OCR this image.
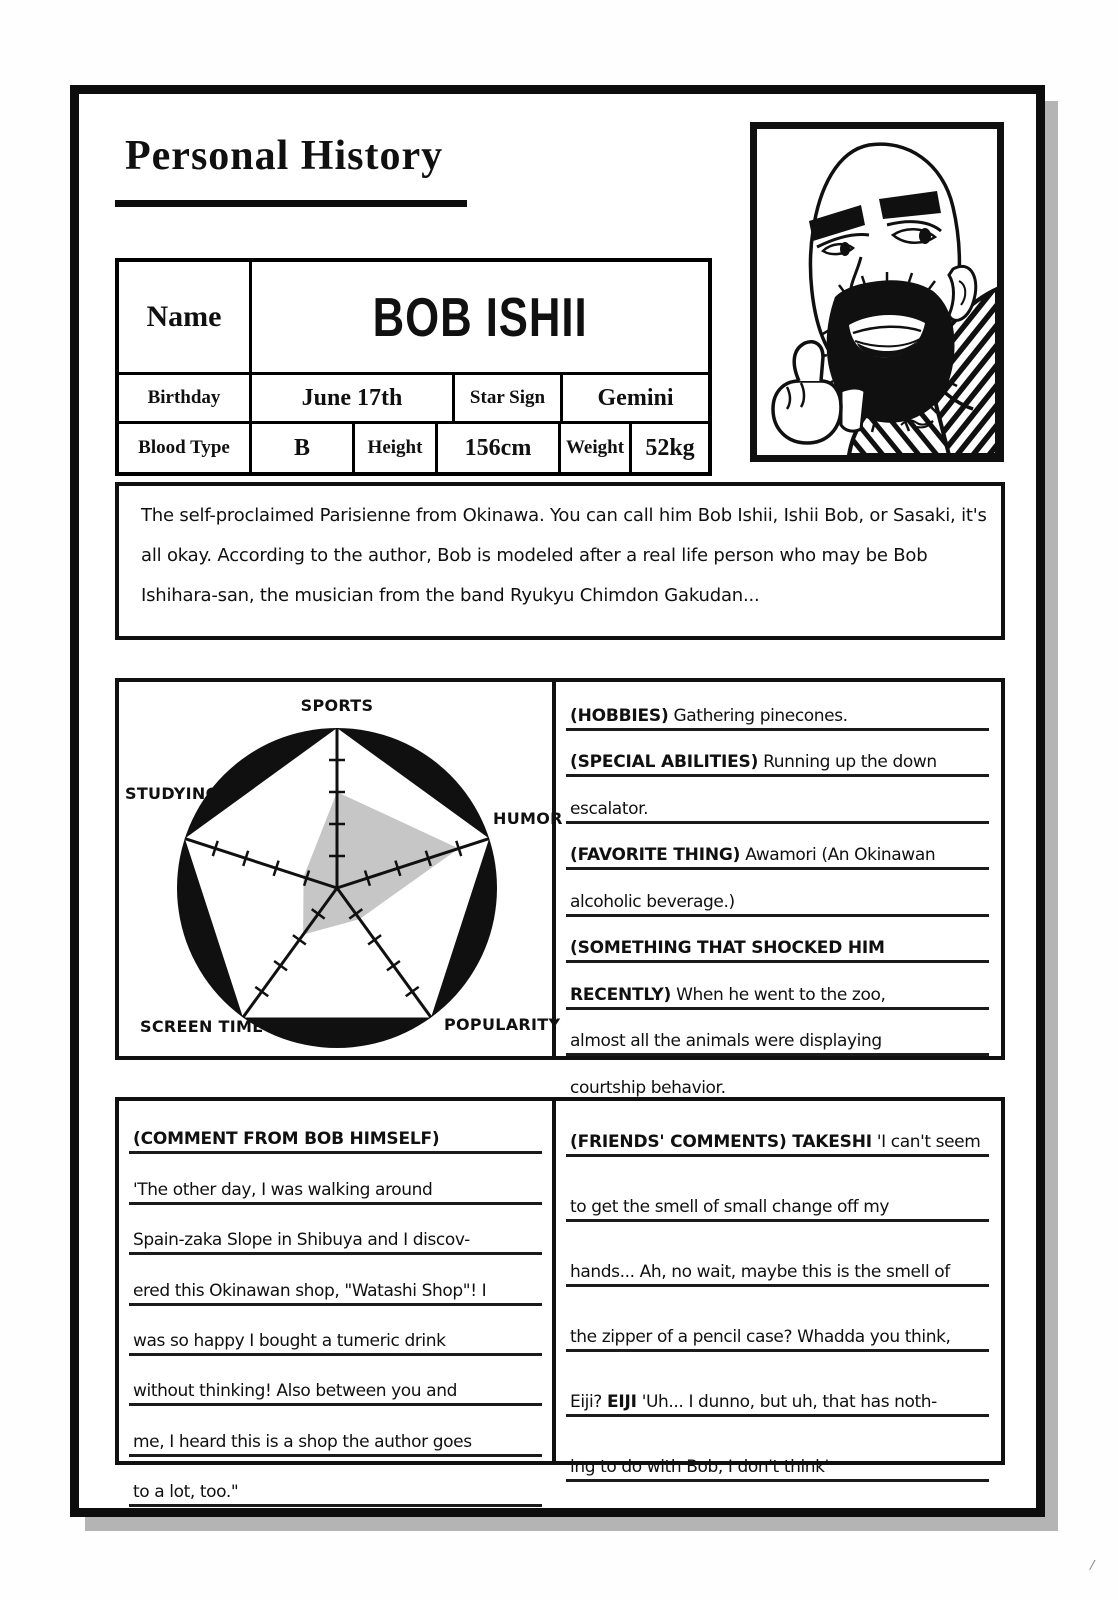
Personal History
Name	BOB ISHII
Birthday	June 17th	Star Sign	Gemini
Blood Type	B	Height	156cm	Weight 52kg
The self-proclaimed Parisienne from Okinawa. You can call him Bob Ishii, Ishii Bob, or Sasaki, it's all okay. According to the author, Bob is modeled after a real life person who may be Bob Ishihara-san, the musician from the band Ryukyu Chimdon Gakudan...
SPORTS
HUMOR
POPULARITY
SCREEN TIME
STUDYING
(HOBBIES) Gathering pinecones.
(SPECIAL ABILITIES) Running up the down
escalator.
(FAVORITE THING) Awamori (An Okinawan
alcoholic beverage.)
(SOMETHING THAT SHOCKED HIM
RECENTLY) When he went to the zoo,
almost all the animals were displaying
courtship behavior.
(COMMENT FROM BOB HIMSELF)
'The other day, I was walking around
Spain-zaka Slope in Shibuya and I discov-
ered this Okinawan shop, "Watashi Shop"! I
was so happy I bought a tumeric drink
without thinking! Also between you and
me, I heard this is a shop the author goes
to a lot, too."
(FRIENDS' COMMENTS) TAKESHI 'I can't seem
to get the smell of small change off my
hands... Ah, no wait, maybe this is the smell of
the zipper of a pencil case? Whadda you think,
Eiji? EIJI 'Uh... I dunno, but uh, that has noth-
ing to do with Bob, I don't think'
/
